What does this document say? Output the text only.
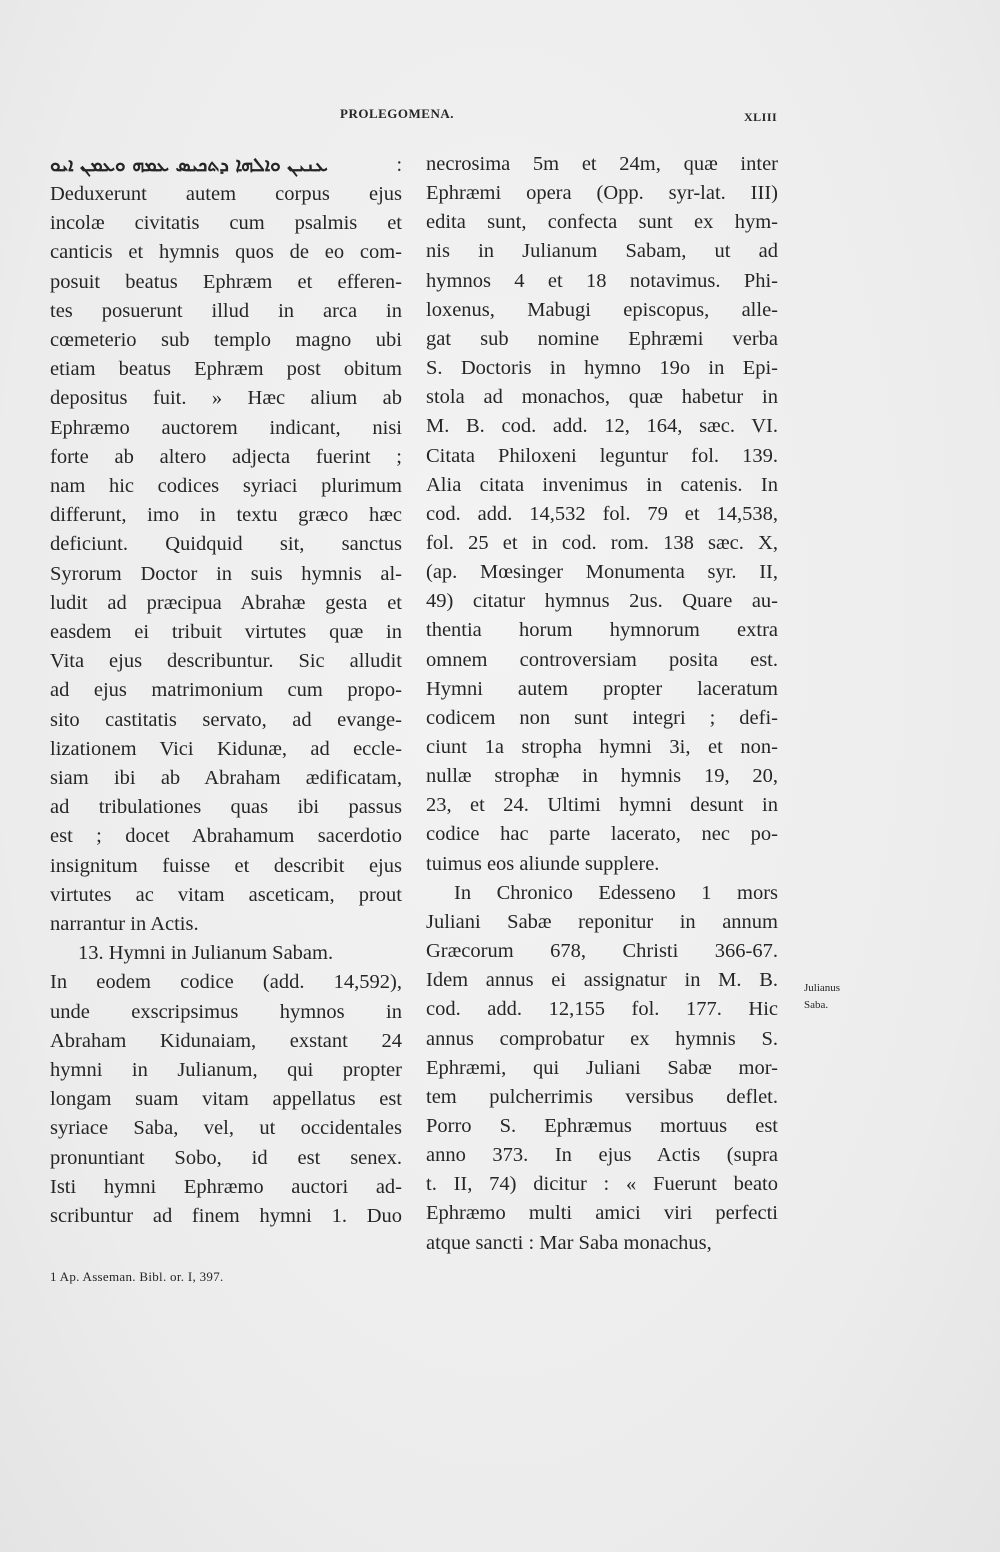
PROLEGOMENA.	XLIII
ܥܢܝܢ ܘܐܠܗܐ ܕܬܟܝܣ ܥܡܗ ܘܥܡܢ ܐܝܘ	:
Deduxerunt autem corpus ejus
incolæ civitatis cum psalmis et
canticis et hymnis quos de eo com-
posuit beatus Ephræm et efferen-
tes posuerunt illud in arca in
cœmeterio sub templo magno ubi
etiam beatus Ephræm post obitum
depositus fuit. » Hæc alium ab
Ephræmo auctorem indicant, nisi
forte ab altero adjecta fuerint ;
nam hic codices syriaci plurimum
differunt, imo in textu græco hæc
deficiunt. Quidquid sit, sanctus
Syrorum Doctor in suis hymnis al-
ludit ad præcipua Abrahæ gesta et
easdem ei tribuit virtutes quæ in
Vita ejus describuntur. Sic alludit
ad ejus matrimonium cum propo-
sito castitatis servato, ad evange-
lizationem Vici Kidunæ, ad eccle-
siam ibi ab Abraham ædificatam,
ad tribulationes quas ibi passus
est ; docet Abrahamum sacerdotio
insignitum fuisse et describit ejus
virtutes ac vitam asceticam, prout
narrantur in Actis.
13. Hymni in Julianum Sabam.
In eodem codice (add. 14,592),
unde exscripsimus hymnos in
Abraham Kidunaiam, exstant 24
hymni in Julianum, qui propter
longam suam vitam appellatus est
syriace Saba, vel, ut occidentales
pronuntiant Sobo, id est senex.
Isti hymni Ephræmo auctori ad-
scribuntur ad finem hymni 1. Duo
necrosima 5m et 24m, quæ inter
Ephræmi opera (Opp. syr-lat. III)
edita sunt, confecta sunt ex hym-
nis in Julianum Sabam, ut ad
hymnos 4 et 18 notavimus. Phi-
loxenus, Mabugi episcopus, alle-
gat sub nomine Ephræmi verba
S. Doctoris in hymno 19o in Epi-
stola ad monachos, quæ habetur in
M. B. cod. add. 12, 164, sæc. VI.
Citata Philoxeni leguntur fol. 139.
Alia citata invenimus in catenis. In
cod. add. 14,532 fol. 79 et 14,538,
fol. 25 et in cod. rom. 138 sæc. X,
(ap. Mœsinger Monumenta syr. II,
49) citatur hymnus 2us. Quare au-
thentia horum hymnorum extra
omnem controversiam posita est.
Hymni autem propter laceratum
codicem non sunt integri ; defi-
ciunt 1a stropha hymni 3i, et non-
nullæ strophæ in hymnis 19, 20,
23, et 24. Ultimi hymni desunt in
codice hac parte lacerato, nec po-
tuimus eos aliunde supplere.
In Chronico Edesseno 1 mors
Juliani Sabæ reponitur in annum
Græcorum 678, Christi 366-67.
Idem annus ei assignatur in M. B.
cod. add. 12,155 fol. 177. Hic
annus comprobatur ex hymnis S.
Ephræmi, qui Juliani Sabæ mor-
tem pulcherrimis versibus deflet.
Porro S. Ephræmus mortuus est
anno 373. In ejus Actis (supra
t. II, 74) dicitur : « Fuerunt beato
Ephræmo multi amici viri perfecti
atque sancti : Mar Saba monachus,
Julianus
Saba.
1 Ap. Asseman. Bibl. or. I, 397.
